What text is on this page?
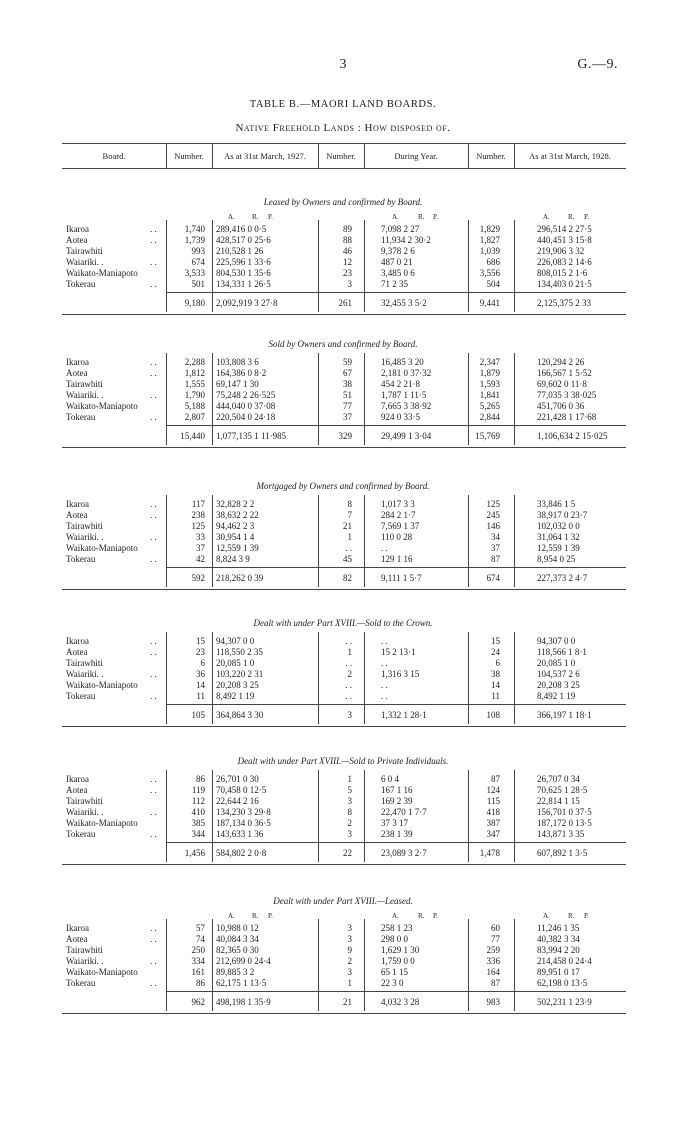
3	G.—9.
TABLE B.—MAORI LAND BOARDS.
Native Freehold Lands : How disposed of.
Board.	Number.	As at 31st March, 1927.	Number.	During Year.	Number.	As at 31st March, 1928.
Leased by Owners and confirmed by Board.
A. R. P.	A.	R. P.	A.	R. P.
Ikaroa	. .	1,740 289,416 0 0·5	89	7,098 2 27	1,829	296,514 2 27·5
Aotea	. .	1,739 428,517 0 25·6	88	11,934 2 30·2	1,827	440,451 3 15·8
Tairawhiti	993 210,528 1 26	46	9,378 2 6	1,039	219,906 3 32
Waiariki. .	. .	674 225,596 1 33·6	12	487 0 21	686	226,083 2 14·6
Waikato-Maniapoto	3,533 804,530 1 35·6	23	3,485 0 6	3,556	808,015 2 1·6
Tokerau	. .	501 134,331 1 26·5	3	71 2 35	504	134,403 0 21·5
9,180 2,092,919 3 27·8	261	32,455 3 5·2	9,441	2,125,375 2 33
Sold by Owners and confirmed by Board.
Ikaroa	. .	2,288 103,808 3 6	59	16,485 3 20	2,347	120,294 2 26
Aotea	. .	1,812 164,386 0 8·2	67	2,181 0 37·32	1,879	166,567 1 5·52
Tairawhiti	1,555 69,147 1 30	38	454 2 21·8	1,593	69,602 0 11·8
Waiariki. .	. .	1,790 75,248 2 26·525	51	1,787 1 11·5	1,841	77,035 3 38·025
Waikato-Maniapoto	5,188 444,040 0 37·08	77	7,665 3 38·92	5,265	451,706 0 36
Tokerau	. .	2,807 220,504 0 24·18	37	924 0 33·5	2,844	221,428 1 17·68
15,440 1,077,135 1 11·985	329	29,499 1 3·04	15,769	1,106,634 2 15·025
Mortgaged by Owners and confirmed by Board.
Ikaroa	. .	117 32,828 2 2	8	1,017 3 3	125	33,846 1 5
Aotea	. .	238 38,632 2 22	7	284 2 1·7	245	38,917 0 23·7
Tairawhiti	125 94,462 2 3	21	7,569 1 37	146	102,032 0 0
Waiariki. .	. .	33 30,954 1 4	1	110 0 28	34	31,064 1 32
Waikato-Maniapoto	37 12,559 1 39	. .	. .	37	12,559 1 39
Tokerau	. .	42 8,824 3 9	45	129 1 16	87	8,954 0 25
592 218,262 0 39	82	9,111 1 5·7	674	227,373 2 4·7
Dealt with under Part XVIII.—Sold to the Crown.
Ikaroa	. .	15 94,307 0 0	. .	. .	15	94,307 0 0
Aotea	. .	23 118,550 2 35	1	15 2 13·1	24	118,566 1 8·1
Tairawhiti	6 20,085 1 0	. .	. .	6	20,085 1 0
Waiariki. .	. .	36 103,220 2 31	2	1,316 3 15	38	104,537 2 6
Waikato-Maniapoto	14 20,208 3 25	. .	. .	14	20,208 3 25
Tokerau	. .	11 8,492 1 19	. .	. .	11	8,492 1 19
105 364,864 3 30	3	1,332 1 28·1	108	366,197 1 18·1
Dealt with under Part XVIII.—Sold to Private Individuals.
Ikaroa	. .	86 26,701 0 30	1	6 0 4	87	26,707 0 34
Aotea	. .	119 70,458 0 12·5	5	167 1 16	124	70,625 1 28·5
Tairawhiti	112 22,644 2 16	3	169 2 39	115	22,814 1 15
Waiariki. .	. .	410 134,230 3 29·8	8	22,470 1 7·7	418	156,701 0 37·5
Waikato-Maniapoto	385 187,134 0 36·5	2	37 3 17	387	187,172 0 13·5
Tokerau	. .	344 143,633 1 36	3	238 1 39	347	143,871 3 35
1,456 584,802 2 0·8	22	23,089 3 2·7	1,478	607,892 1 3·5
Dealt with under Part XVIII.—Leased.
A. R. P.	A.	R. P.	A.	R. P.
Ikaroa	. .	57 10,988 0 12	3	258 1 23	60	11,246 1 35
Aotea	. .	74 40,084 3 34	3	298 0 0	77	40,382 3 34
Tairawhiti	250 82,365 0 30	9	1,629 1 30	259	83,994 2 20
Waiariki. .	. .	334 212,699 0 24·4	2	1,759 0 0	336	214,458 0 24·4
Waikato-Maniapoto	161 89,885 3 2	3	65 1 15	164	89,951 0 17
Tokerau	. .	86 62,175 1 13·5	1	22 3 0	87	62,198 0 13·5
962 498,198 1 35·9	21	4,032 3 28	983	502,231 1 23·9
